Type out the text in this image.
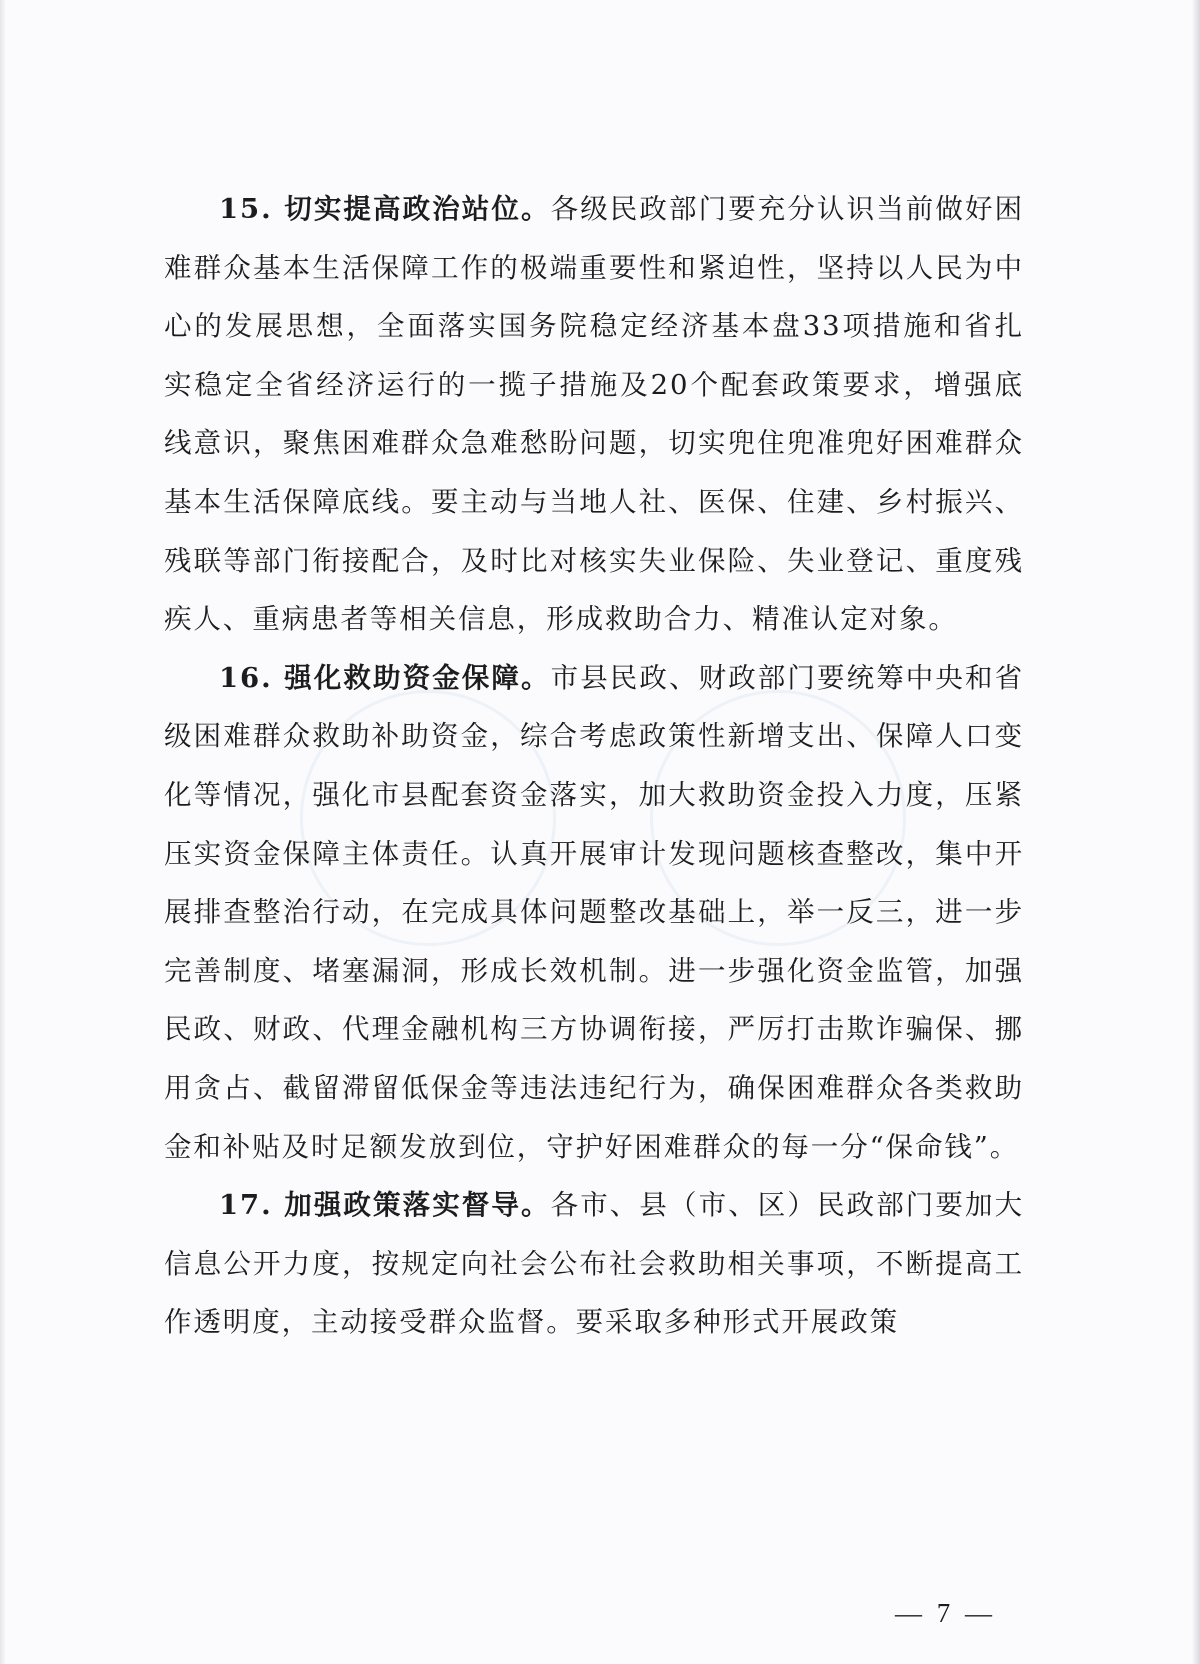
15. 切实提高政治站位。各级民政部门要充分认识当前做好困难群众基本生活保障工作的极端重要性和紧迫性，坚持以人民为中心的发展思想，全面落实国务院稳定经济基本盘33项措施和省扎实稳定全省经济运行的一揽子措施及20个配套政策要求，增强底线意识，聚焦困难群众急难愁盼问题，切实兜住兜准兜好困难群众基本生活保障底线。要主动与当地人社、医保、住建、乡村振兴、残联等部门衔接配合，及时比对核实失业保险、失业登记、重度残疾人、重病患者等相关信息，形成救助合力、精准认定对象。

16. 强化救助资金保障。市县民政、财政部门要统筹中央和省级困难群众救助补助资金，综合考虑政策性新增支出、保障人口变化等情况，强化市县配套资金落实，加大救助资金投入力度，压紧压实资金保障主体责任。认真开展审计发现问题核查整改，集中开展排查整治行动，在完成具体问题整改基础上，举一反三，进一步完善制度、堵塞漏洞，形成长效机制。进一步强化资金监管，加强民政、财政、代理金融机构三方协调衔接，严厉打击欺诈骗保、挪用贪占、截留滞留低保金等违法违纪行为，确保困难群众各类救助金和补贴及时足额发放到位，守护好困难群众的每一分“保命钱”。

17. 加强政策落实督导。各市、县（市、区）民政部门要加大信息公开力度，按规定向社会公布社会救助相关事项，不断提高工作透明度，主动接受群众监督。要采取多种形式开展政策

— 7 —
